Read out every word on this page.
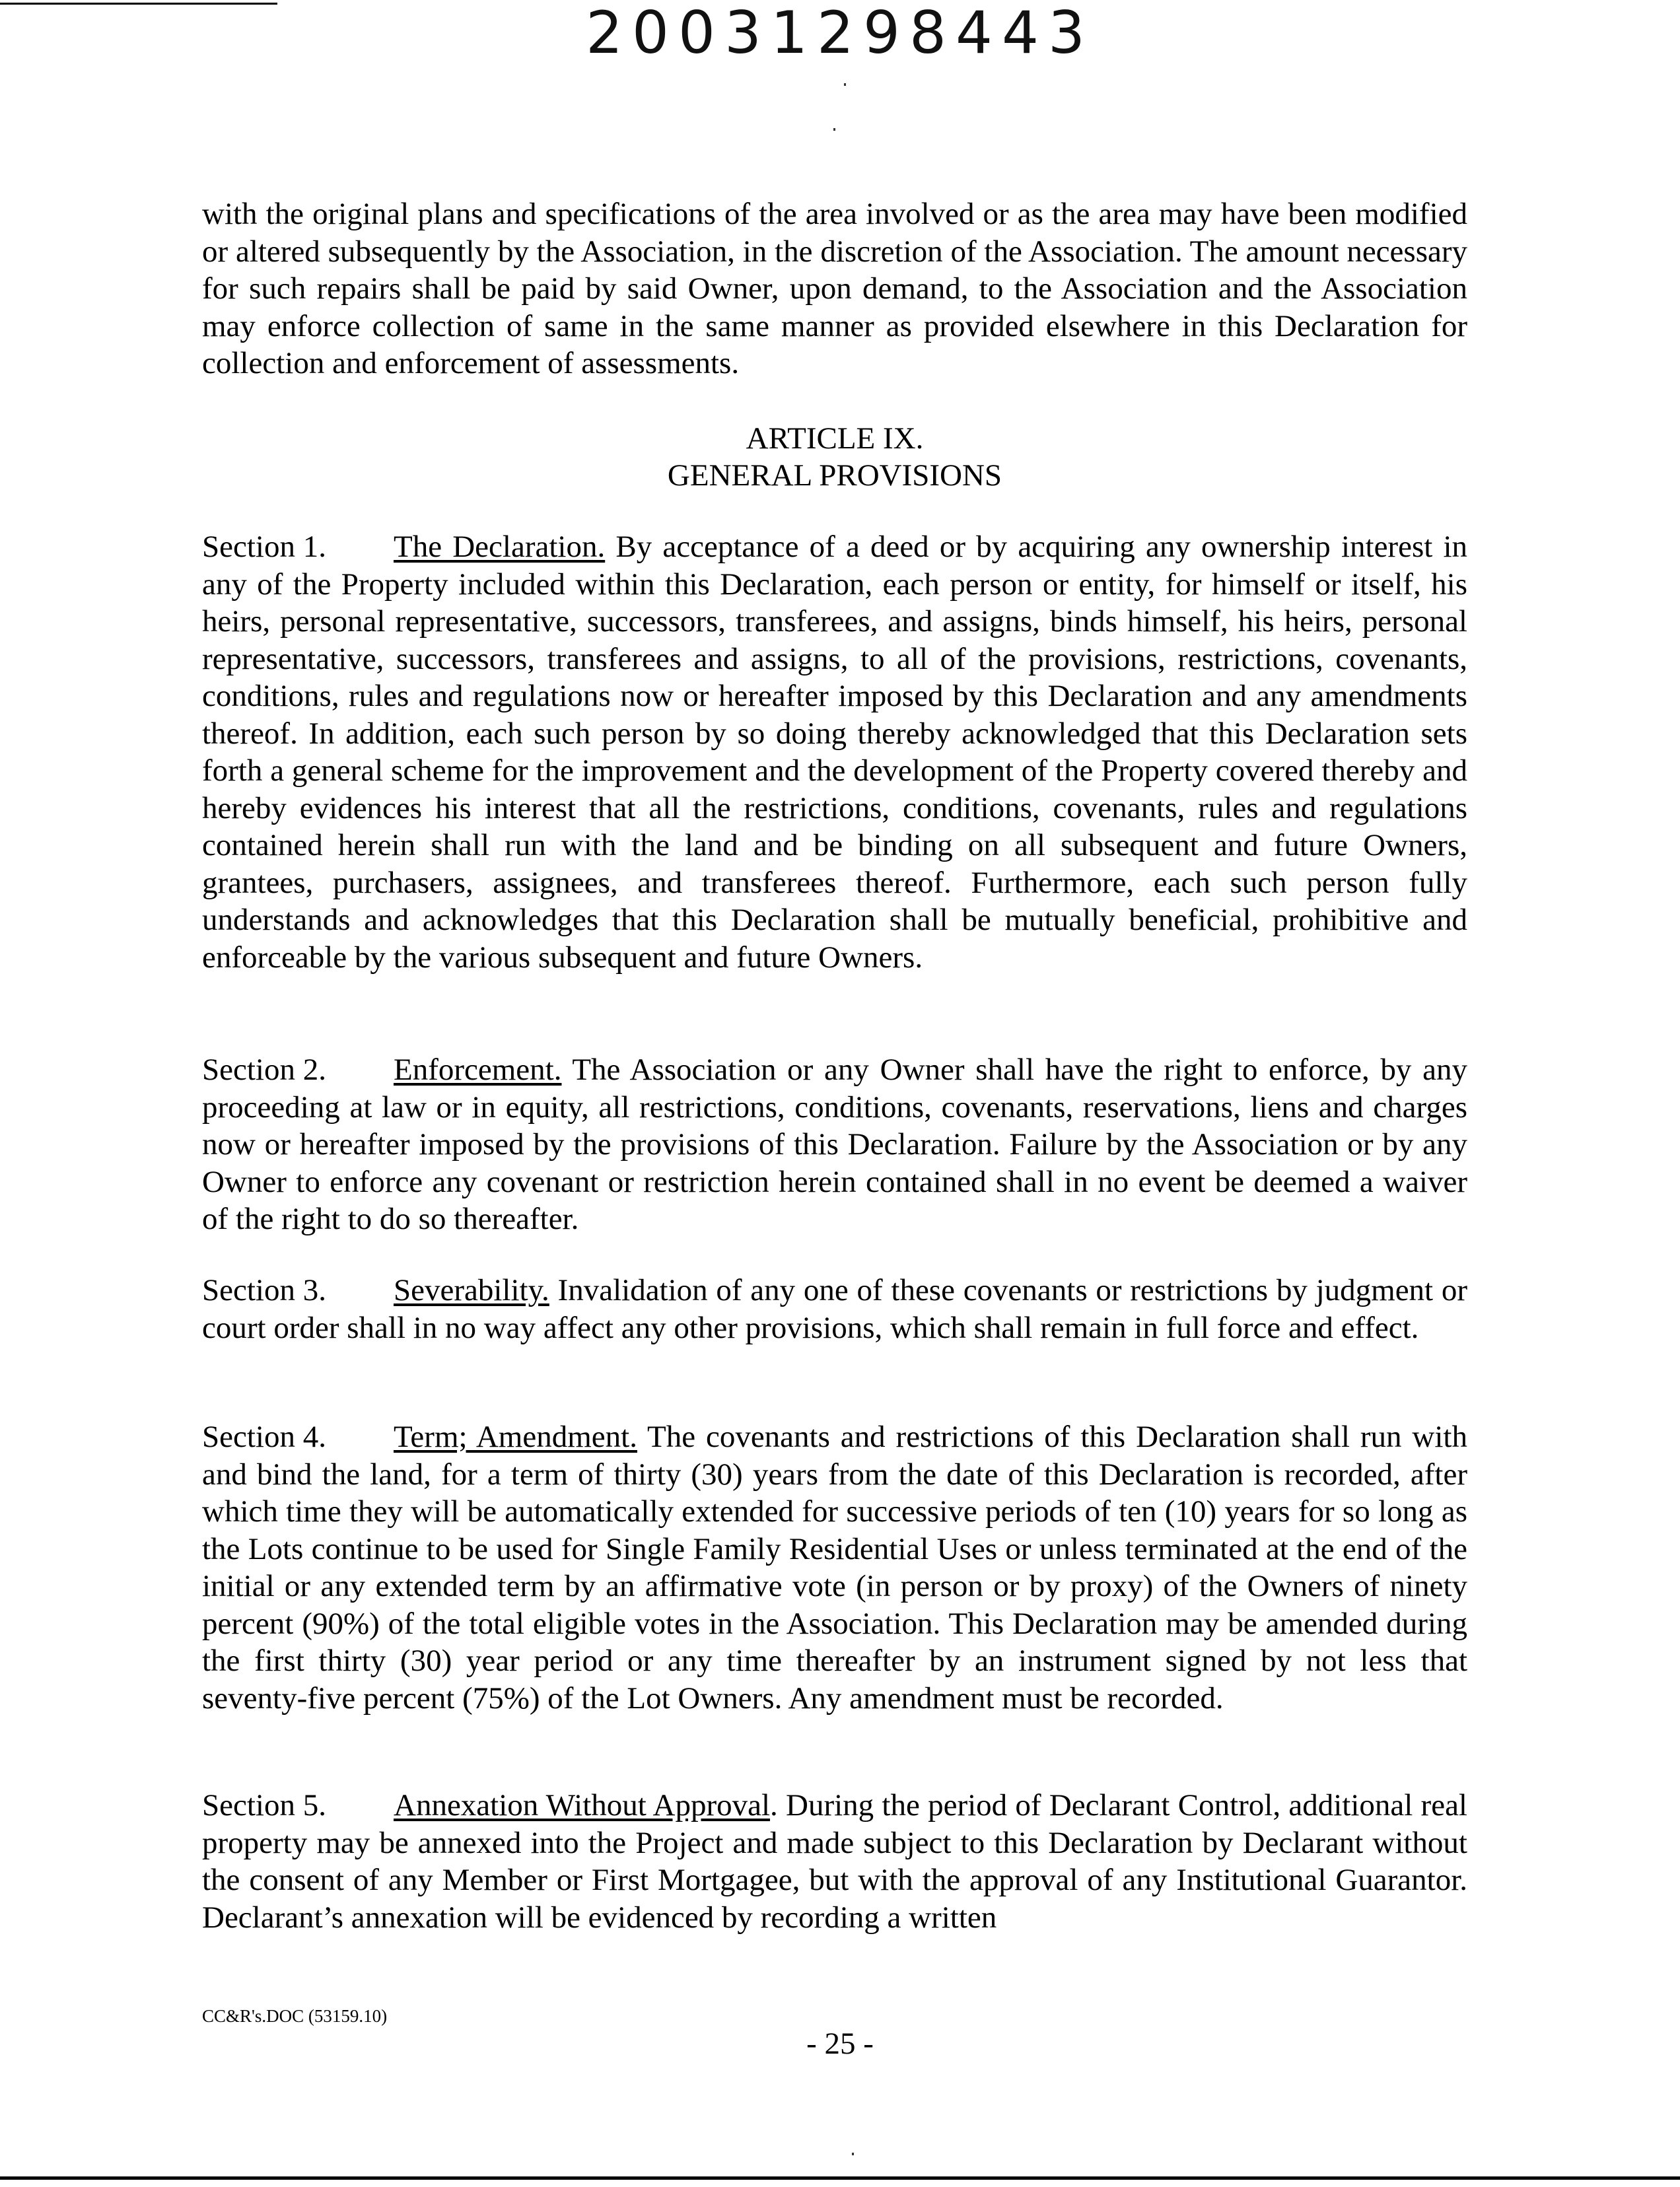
20031298443

with the original plans and specifications of the area involved or as the area may have been modified or altered subsequently by the Association, in the discretion of the Association. The amount necessary for such repairs shall be paid by said Owner, upon demand, to the Association and the Association may enforce collection of same in the same manner as provided elsewhere in this Declaration for collection and enforcement of assessments.

ARTICLE IX.
GENERAL PROVISIONS

Section 1. The Declaration. By acceptance of a deed or by acquiring any ownership interest in any of the Property included within this Declaration, each person or entity, for himself or itself, his heirs, personal representative, successors, transferees, and assigns, binds himself, his heirs, personal representative, successors, transferees and assigns, to all of the provisions, restrictions, covenants, conditions, rules and regulations now or hereafter imposed by this Declaration and any amendments thereof. In addition, each such person by so doing thereby acknowledged that this Declaration sets forth a general scheme for the improvement and the development of the Property covered thereby and hereby evidences his interest that all the restrictions, conditions, covenants, rules and regulations contained herein shall run with the land and be binding on all subsequent and future Owners, grantees, purchasers, assignees, and transferees thereof. Furthermore, each such person fully understands and acknowledges that this Declaration shall be mutually beneficial, prohibitive and enforceable by the various subsequent and future Owners.

Section 2. Enforcement. The Association or any Owner shall have the right to enforce, by any proceeding at law or in equity, all restrictions, conditions, covenants, reservations, liens and charges now or hereafter imposed by the provisions of this Declaration. Failure by the Association or by any Owner to enforce any covenant or restriction herein contained shall in no event be deemed a waiver of the right to do so thereafter.

Section 3. Severability. Invalidation of any one of these covenants or restrictions by judgment or court order shall in no way affect any other provisions, which shall remain in full force and effect.

Section 4. Term; Amendment. The covenants and restrictions of this Declaration shall run with and bind the land, for a term of thirty (30) years from the date of this Declaration is recorded, after which time they will be automatically extended for successive periods of ten (10) years for so long as the Lots continue to be used for Single Family Residential Uses or unless terminated at the end of the initial or any extended term by an affirmative vote (in person or by proxy) of the Owners of ninety percent (90%) of the total eligible votes in the Association. This Declaration may be amended during the first thirty (30) year period or any time thereafter by an instrument signed by not less that seventy-five percent (75%) of the Lot Owners. Any amendment must be recorded.

Section 5. Annexation Without Approval. During the period of Declarant Control, additional real property may be annexed into the Project and made subject to this Declaration by Declarant without the consent of any Member or First Mortgagee, but with the approval of any Institutional Guarantor. Declarant’s annexation will be evidenced by recording a written

CC&R's.DOC (53159.10)
- 25 -
